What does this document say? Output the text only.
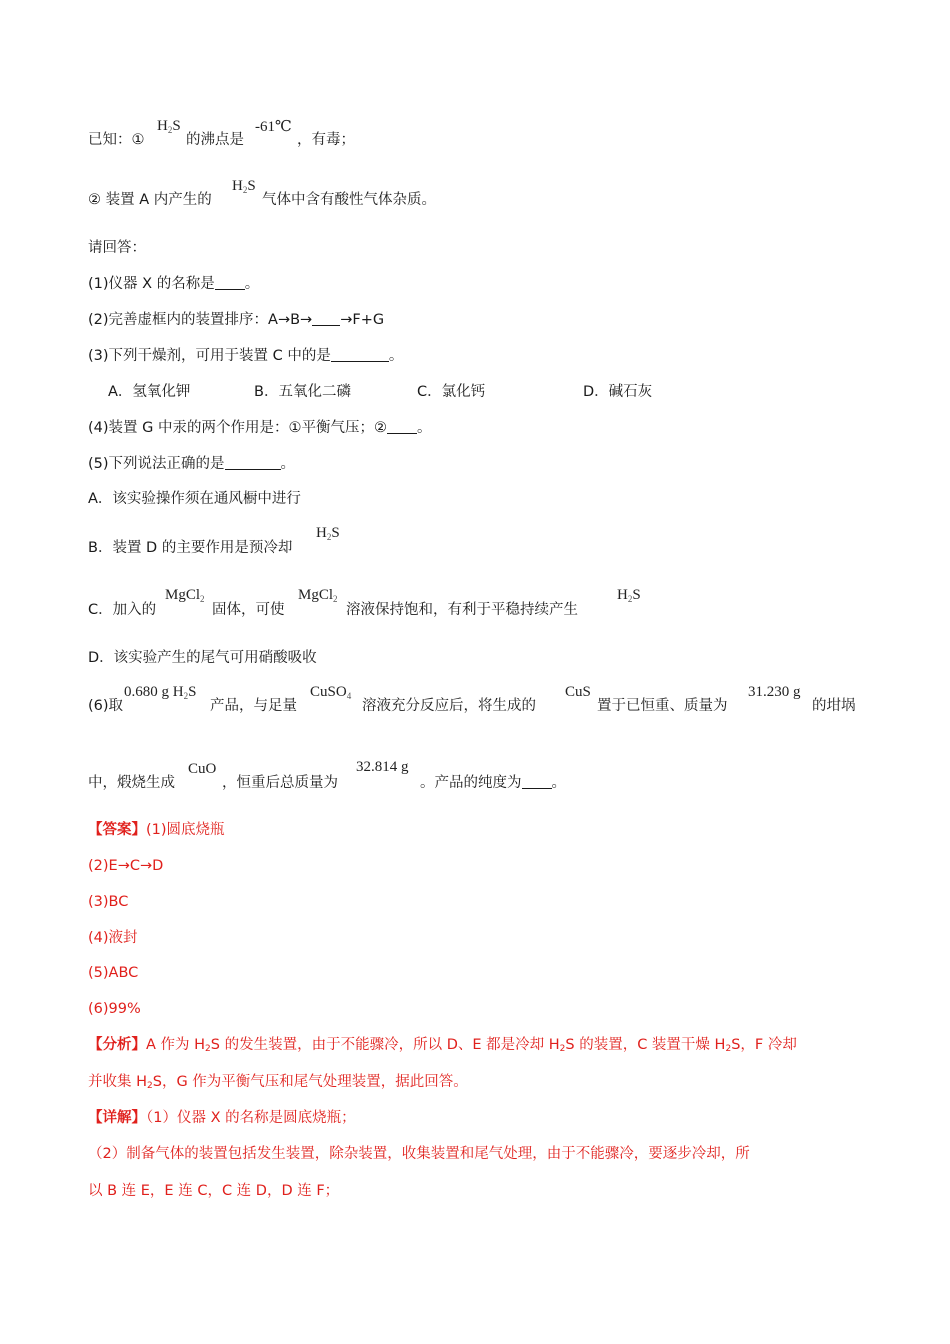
已知：①
$H_2S$
的沸点是
-61℃
，有毒；
② 装置 A 内产生的
$H_2S$
气体中含有酸性气体杂质。
请回答：
(1)仪器 X 的名称是 。
(2)完善虚框内的装置排序：A→B→ →F+G
(3)下列干燥剂，可用于装置 C 中的是	。
A．氢氧化钾	B．五氧化二磷	C．氯化钙	D．碱石灰
(4)装置 G 中汞的两个作用是：①平衡气压；② 。
(5)下列说法正确的是	。
A．该实验操作须在通风橱中进行
B．装置 D 的主要作用是预冷却
$H_2S$
C．加入的
MgCl$_2$
固体，可使
MgCl$_2$
溶液保持饱和，有利于平稳持续产生
$H_2S$
D．该实验产生的尾气可用硝酸吸收
(6)取
0.680 g $H_2S$
产品，与足量
CuSO$_4$
溶液充分反应后，将生成的
CuS
置于已恒重、质量为
31.230 g
的坩埚
中，煅烧生成
CuO
，恒重后总质量为
32.814 g
。产品的纯度为 。
【答案】(1)圆底烧瓶
(2)E→C→D
(3)BC
(4)液封
(5)ABC
(6)99%
【分析】A 作为 $H_2S$ 的发生装置，由于不能骤冷，所以 D、E 都是冷却 $H_2S$ 的装置，C 装置干燥 $H_2S$，F 冷却
并收集 $H_2S$，G 作为平衡气压和尾气处理装置，据此回答。
【详解】（1）仪器 X 的名称是圆底烧瓶；
（2）制备气体的装置包括发生装置，除杂装置，收集装置和尾气处理，由于不能骤冷，要逐步冷却，所
以 B 连 E，E 连 C，C 连 D，D 连 F；
